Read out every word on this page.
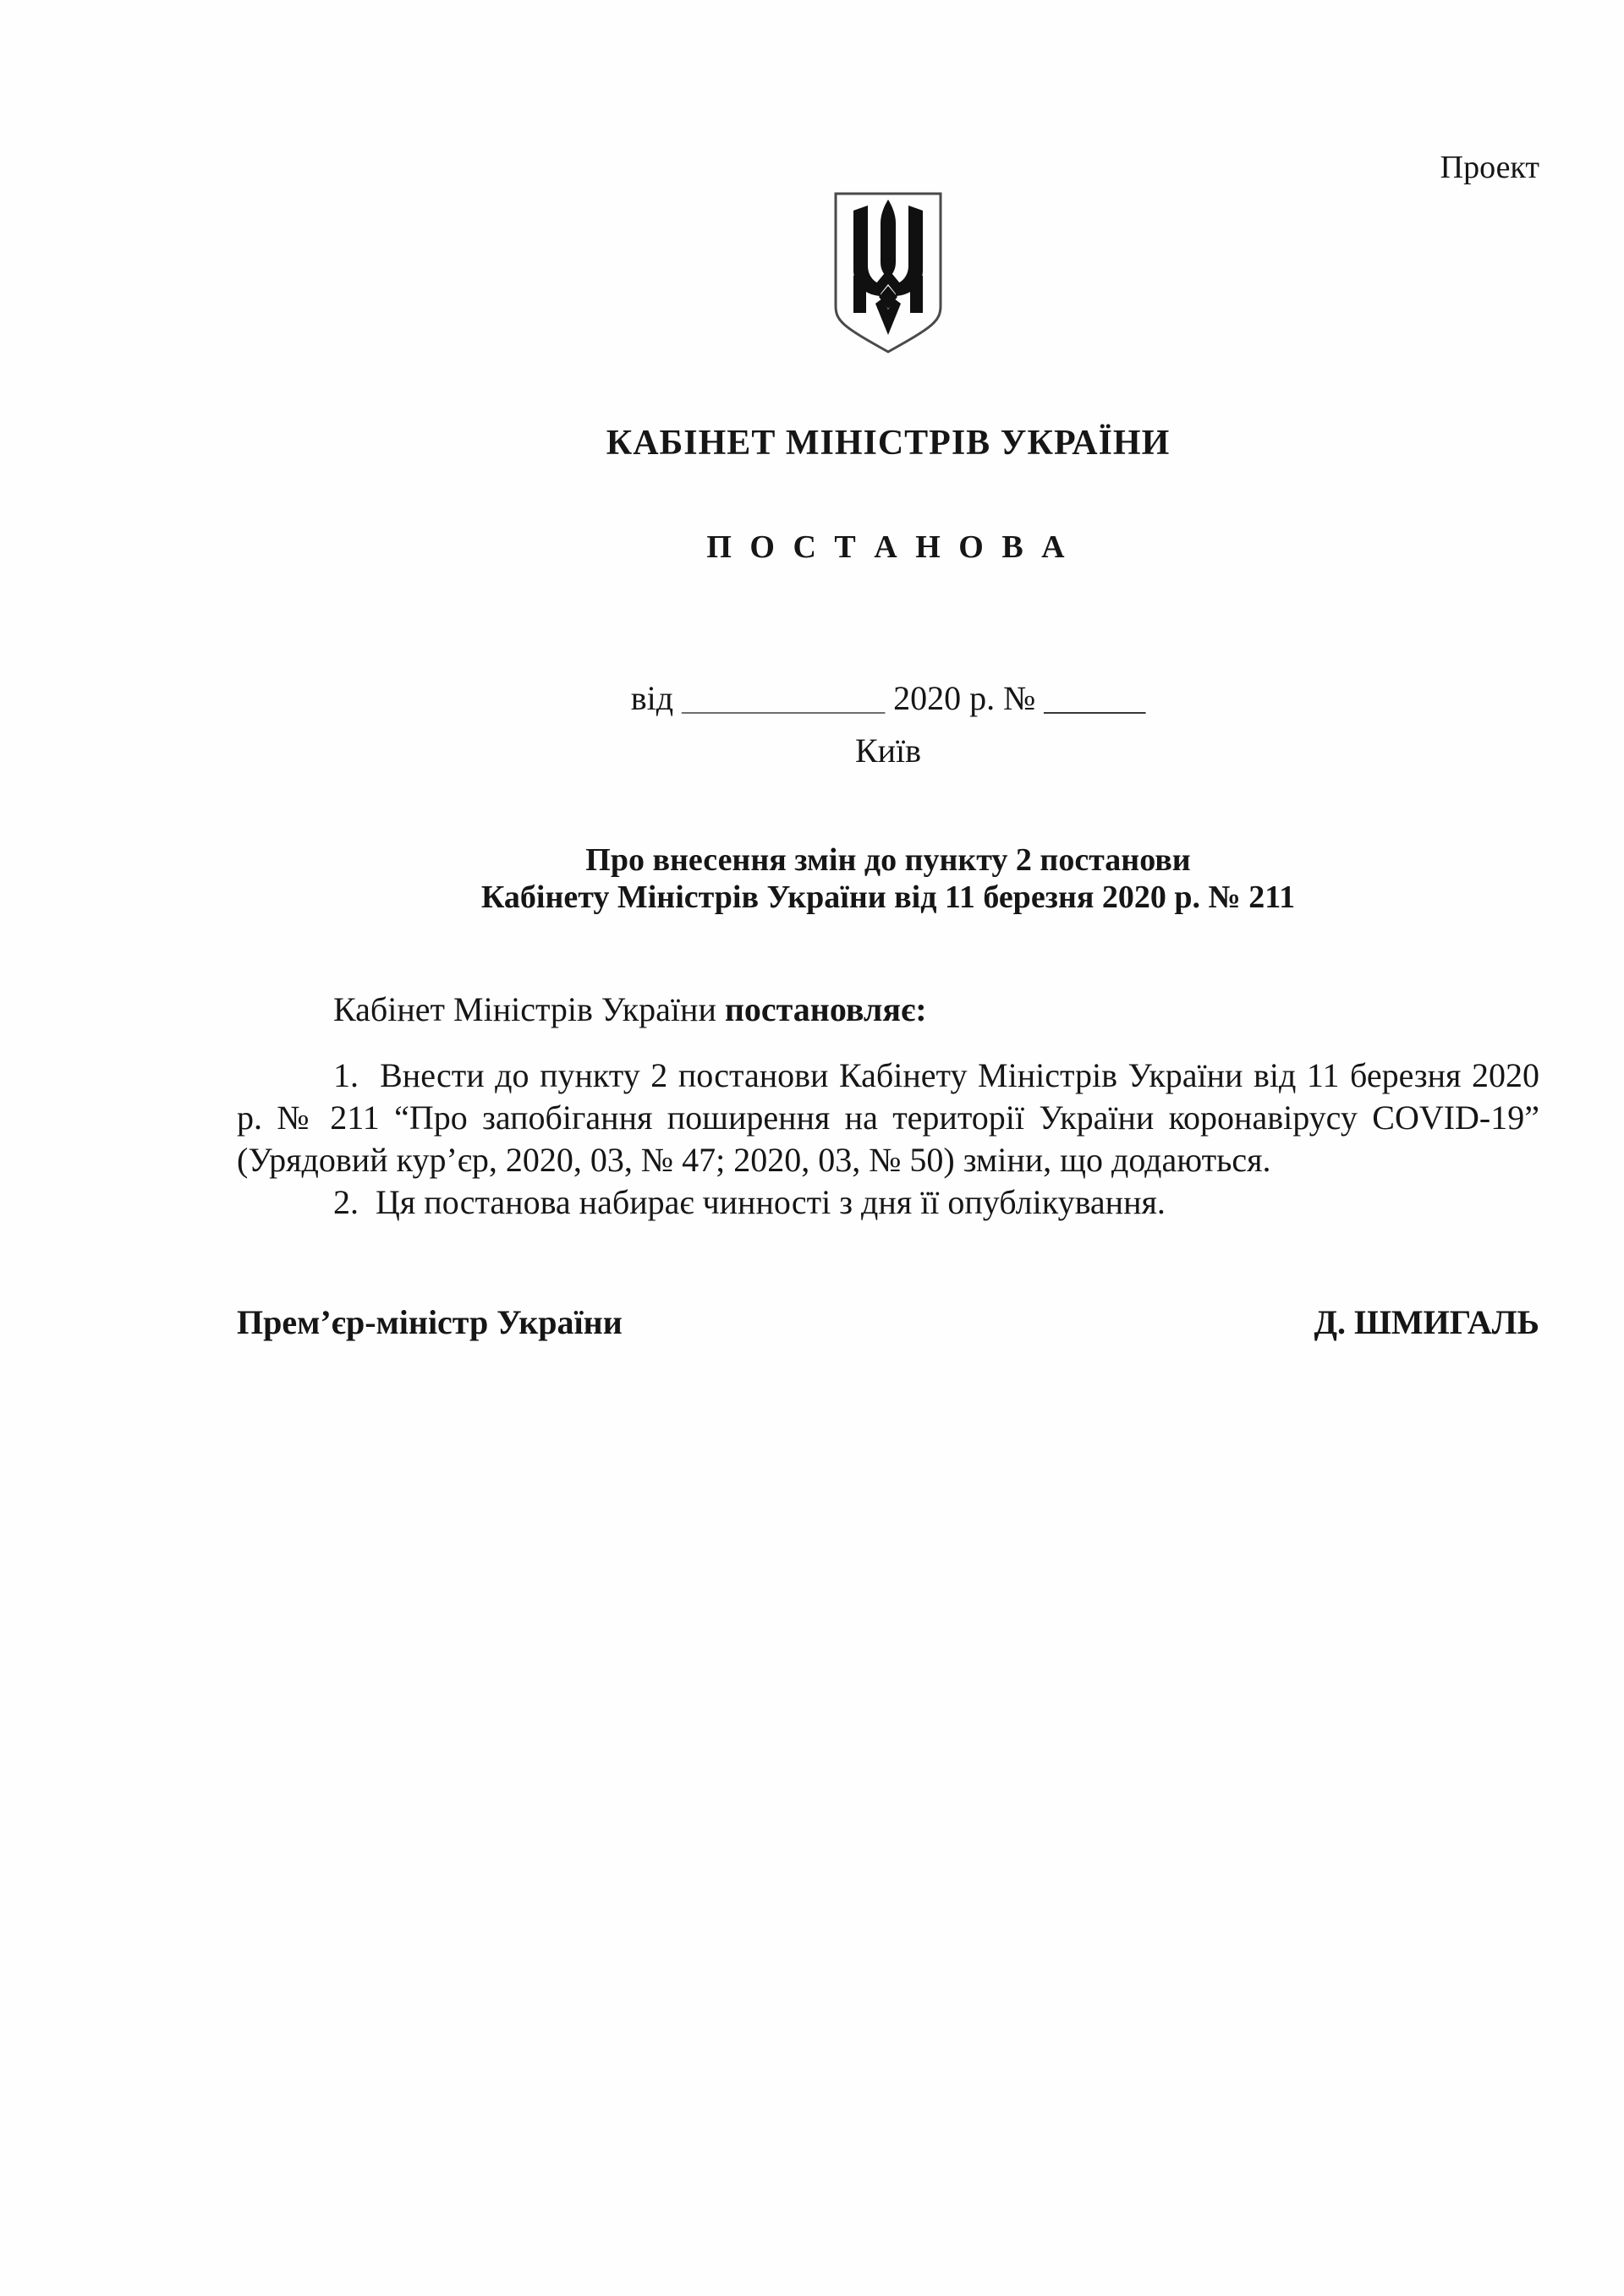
Проект
КАБІНЕТ МІНІСТРІВ УКРАЇНИ
П О С Т А Н О В А
від ____________ 2020 р. № ______
Київ
Про внесення змін до пункту 2 постанови
Кабінету Міністрів України від 11 березня 2020 р. № 211

Кабінет Міністрів України постановляє:

1.  Внести до пункту 2 постанови Кабінету Міністрів України від 11 березня 2020 р. № 211 “Про запобігання поширення на території України коронавірусу COVID-19” (Урядовий кур’єр, 2020, 03, № 47; 2020, 03, № 50) зміни, що додаються.

2.  Ця постанова набирає чинності з дня її опублікування.

Прем’єр-міністр України	Д. ШМИГАЛЬ
